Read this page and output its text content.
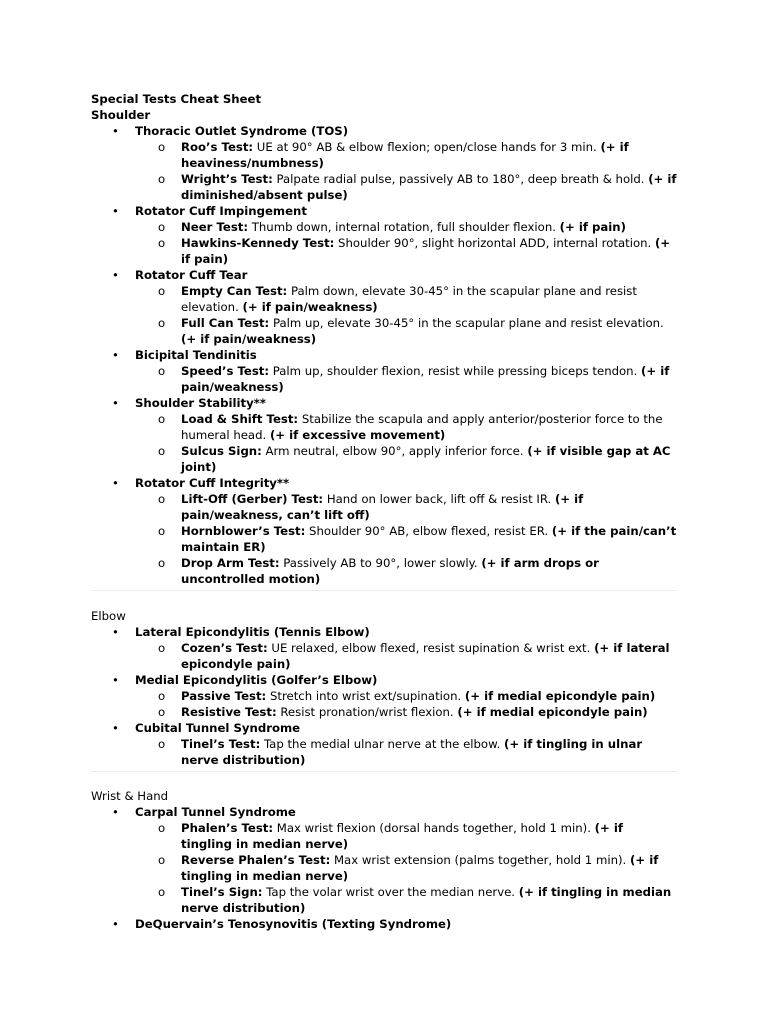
Special Tests Cheat Sheet
Shoulder
• Thoracic Outlet Syndrome (TOS)
o Roo’s Test: UE at 90° AB & elbow flexion; open/close hands for 3 min. (+ if heaviness/numbness)
o Wright’s Test: Palpate radial pulse, passively AB to 180°, deep breath & hold. (+ if diminished/absent pulse)
• Rotator Cuff Impingement
o Neer Test: Thumb down, internal rotation, full shoulder flexion. (+ if pain)
o Hawkins-Kennedy Test: Shoulder 90°, slight horizontal ADD, internal rotation. (+ if pain)
• Rotator Cuff Tear
o Empty Can Test: Palm down, elevate 30-45° in the scapular plane and resist elevation. (+ if pain/weakness)
o Full Can Test: Palm up, elevate 30-45° in the scapular plane and resist elevation. (+ if pain/weakness)
• Bicipital Tendinitis
o Speed’s Test: Palm up, shoulder flexion, resist while pressing biceps tendon. (+ if pain/weakness)
• Shoulder Stability**
o Load & Shift Test: Stabilize the scapula and apply anterior/posterior force to the humeral head. (+ if excessive movement)
o Sulcus Sign: Arm neutral, elbow 90°, apply inferior force. (+ if visible gap at AC joint)
• Rotator Cuff Integrity**
o Lift-Off (Gerber) Test: Hand on lower back, lift off & resist IR. (+ if pain/weakness, can’t lift off)
o Hornblower’s Test: Shoulder 90° AB, elbow flexed, resist ER. (+ if the pain/can’t maintain ER)
o Drop Arm Test: Passively AB to 90°, lower slowly. (+ if arm drops or uncontrolled motion)
Elbow
• Lateral Epicondylitis (Tennis Elbow)
o Cozen’s Test: UE relaxed, elbow flexed, resist supination & wrist ext. (+ if lateral epicondyle pain)
• Medial Epicondylitis (Golfer’s Elbow)
o Passive Test: Stretch into wrist ext/supination. (+ if medial epicondyle pain)
o Resistive Test: Resist pronation/wrist flexion. (+ if medial epicondyle pain)
• Cubital Tunnel Syndrome
o Tinel’s Test: Tap the medial ulnar nerve at the elbow. (+ if tingling in ulnar nerve distribution)
Wrist & Hand
• Carpal Tunnel Syndrome
o Phalen’s Test: Max wrist flexion (dorsal hands together, hold 1 min). (+ if tingling in median nerve)
o Reverse Phalen’s Test: Max wrist extension (palms together, hold 1 min). (+ if tingling in median nerve)
o Tinel’s Sign: Tap the volar wrist over the median nerve. (+ if tingling in median nerve distribution)
• DeQuervain’s Tenosynovitis (Texting Syndrome)
